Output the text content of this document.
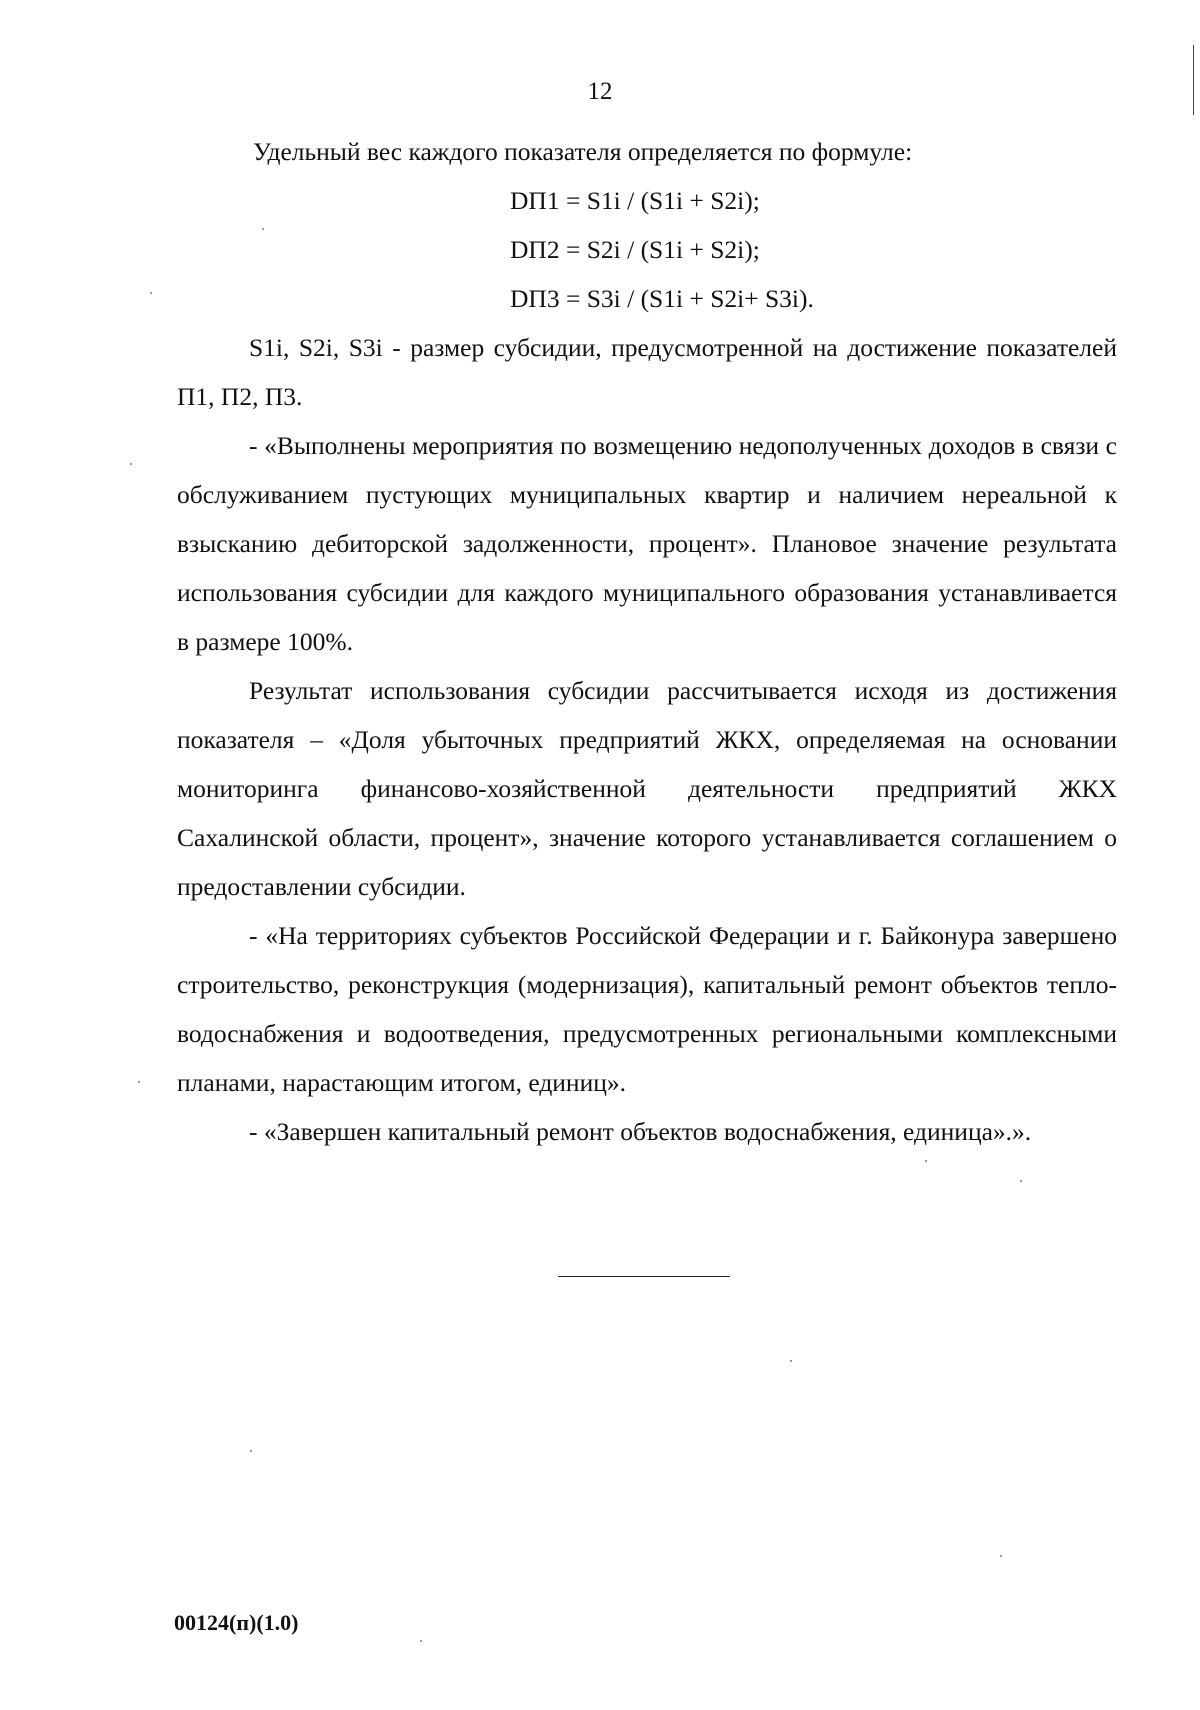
12
Удельный вес каждого показателя определяется по формуле:
DП1 = S1i / (S1i + S2i);
DП2 = S2i / (S1i + S2i);
DП3 = S3i / (S1i + S2i+ S3i).

S1i, S2i, S3i - размер субсидии, предусмотренной на достижение показателей П1, П2, П3.

- «Выполнены мероприятия по возмещению недополученных доходов в связи с обслуживанием пустующих муниципальных квартир и наличием нереальной к взысканию дебиторской задолженности, процент». Плановое значение результата использования субсидии для каждого муниципального образования устанавливается в размере 100%.

Результат использования субсидии рассчитывается исходя из достижения показателя – «Доля убыточных предприятий ЖКХ, определяемая на основании мониторинга финансово-хозяйственной деятельности предприятий ЖКХ Сахалинской области, процент», значение которого устанавливается соглашением о предоставлении субсидии.

- «На территориях субъектов Российской Федерации и г. Байконура завершено строительство, реконструкция (модернизация), капитальный ремонт объектов тепло-водоснабжения и водоотведения, предусмотренных региональными комплексными планами, нарастающим итогом, единиц».

- «Завершен капитальный ремонт объектов водоснабжения, единица».».

00124(п)(1.0)
